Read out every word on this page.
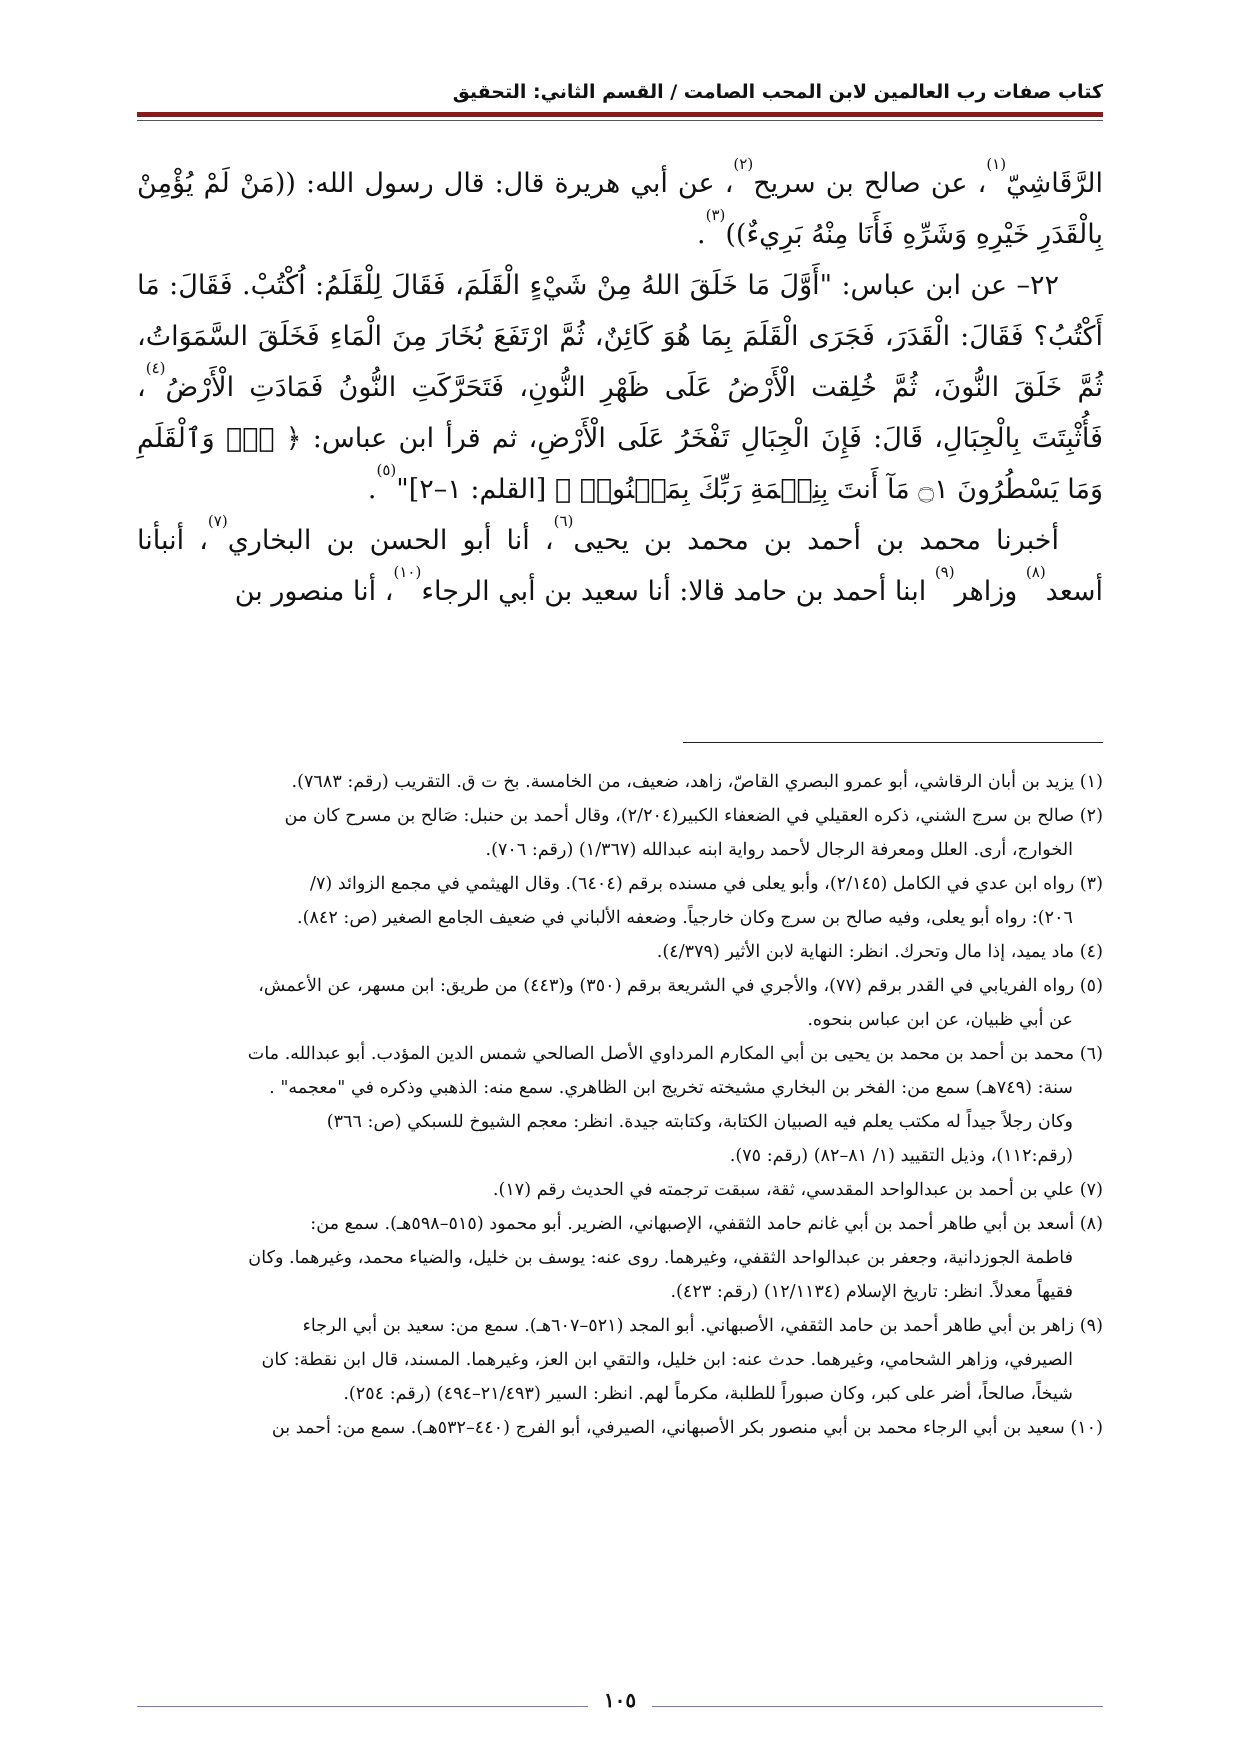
كتاب صفات رب العالمين لابن المحب الصامت / القسم الثاني: التحقيق

الرَّقَاشِيّ$^{(١)}$، عن صالح بن سريح$^{(٢)}$، عن أبي هريرة قال: قال رسول الله: ((مَنْ لَمْ يُؤْمِنْ بِالْقَدَرِ خَيْرِهِ وَشَرِّهِ فَأَنَا مِنْهُ بَرِيءٌ))$^{(٣)}$.

٢٢– عن ابن عباس: "أَوَّلَ مَا خَلَقَ اللهُ مِنْ شَيْءٍ الْقَلَمَ، فَقَالَ لِلْقَلَمُ: اُكْتُبْ. فَقَالَ: مَا أَكْتُبُ؟ فَقَالَ: الْقَدَرَ، فَجَرَى الْقَلَمَ بِمَا هُوَ كَائِنٌ، ثُمَّ ارْتَفَعَ بُخَارَ مِنَ الْمَاءِ فَخَلَقَ السَّمَوَاتُ، ثُمَّ خَلَقَ النُّونَ، ثُمَّ خُلِقت الْأَرْضُ عَلَى ظَهْرِ النُّونِ، فَتَحَرَّكَتِ النُّونُ فَمَادَتِ الْأَرْضُ$^{(٤)}$، فَأُثْبِتَتَ بِالْجِبَالِ، قَالَ: فَإِنَ الْجِبَالِ تَفْخَرُ عَلَى الْأَرْضِ، ثم قرأ ابن عباس: ﴿ نٓۚ وَٱلْقَلَمِ وَمَا يَسْطُرُونَ ۝١ مَآ أَنتَ بِنِعۡمَةِ رَبِّكَ بِمَجۡنُونٖ ﴾ [القلم: ١–٢]"$^{(٥)}$.

أخبرنا محمد بن أحمد بن محمد بن يحيى$^{(٦)}$، أنا أبو الحسن بن البخاري$^{(٧)}$، أنبأنا أسعد$^{(٨)}$ وزاهر$^{(٩)}$ ابنا أحمد بن حامد قالا: أنا سعيد بن أبي الرجاء$^{(١٠)}$، أنا منصور بن

(١) يزيد بن أبان الرقاشي، أبو عمرو البصري القاصّ، زاهد، ضعيف، من الخامسة. بخ ت ق. التقريب (رقم: ٧٦٨٣).
(٢) صالح بن سرج الشني، ذكره العقيلي في الضعفاء الكبير(٢/٢٠٤)، وقال أحمد بن حنبل: صَالح بن مسرح كان من
الخوارج، أرى. العلل ومعرفة الرجال لأحمد رواية ابنه عبدالله (١/٣٦٧) (رقم: ٧٠٦).
(٣) رواه ابن عدي في الكامل (٢/١٤٥)، وأبو يعلى في مسنده برقم (٦٤٠٤). وقال الهيثمي في مجمع الزوائد (٧/
٢٠٦): رواه أبو يعلى، وفيه صالح بن سرج وكان خارجياً. وضعفه الألباني في ضعيف الجامع الصغير (ص: ٨٤٢).
(٤) ماد يميد، إذا مال وتحرك. انظر: النهاية لابن الأثير (٤/٣٧٩).
(٥) رواه الفريابي في القدر برقم (٧٧)، والأجري في الشريعة برقم (٣٥٠) و(٤٤٣) من طريق: ابن مسهر، عن الأعمش،
عن أبي ظبيان، عن ابن عباس بنحوه.
(٦) محمد بن أحمد بن محمد بن يحيى بن أبي المكارم المرداوي الأصل الصالحي شمس الدين المؤدب. أبو عبدالله. مات
سنة: (٧٤٩هـ) سمع من: الفخر بن البخاري مشيخته تخريج ابن الظاهري. سمع منه: الذهبي وذكره في "معجمه" .
وكان رجلاً جيداً له مكتب يعلم فيه الصبيان الكتابة، وكتابته جيدة. انظر: معجم الشيوخ للسبكي (ص: ٣٦٦)
(رقم:١١٢)، وذيل التقييد (١/ ٨١–٨٢) (رقم: ٧٥).
(٧) علي بن أحمد بن عبدالواحد المقدسي، ثقة، سبقت ترجمته في الحديث رقم (١٧).
(٨) أسعد بن أبي طاهر أحمد بن أبي غانم حامد الثقفي، الإصبهاني، الضرير. أبو محمود (٥١٥–٥٩٨هـ). سمع من:
فاطمة الجوزدانية، وجعفر بن عبدالواحد الثقفي، وغيرهما. روى عنه: يوسف بن خليل، والضياء محمد، وغيرهما. وكان
فقيهاً معدلاً. انظر: تاريخ الإسلام (١٢/١١٣٤) (رقم: ٤٢٣).
(٩) زاهر بن أبي طاهر أحمد بن حامد الثقفي، الأصبهاني. أبو المجد (٥٢١–٦٠٧هـ). سمع من: سعيد بن أبي الرجاء
الصيرفي، وزاهر الشحامي، وغيرهما. حدث عنه: ابن خليل، والتقي ابن العز، وغيرهما. المسند، قال ابن نقطة: كان
شيخاً، صالحاً، أضر على كبر، وكان صبوراً للطلبة، مكرماً لهم. انظر: السير (٢١/٤٩٣–٤٩٤) (رقم: ٢٥٤).
(١٠) سعيد بن أبي الرجاء محمد بن أبي منصور بكر الأصبهاني، الصيرفي، أبو الفرج (٤٤٠–٥٣٢هـ). سمع من: أحمد بن
١٠٥
